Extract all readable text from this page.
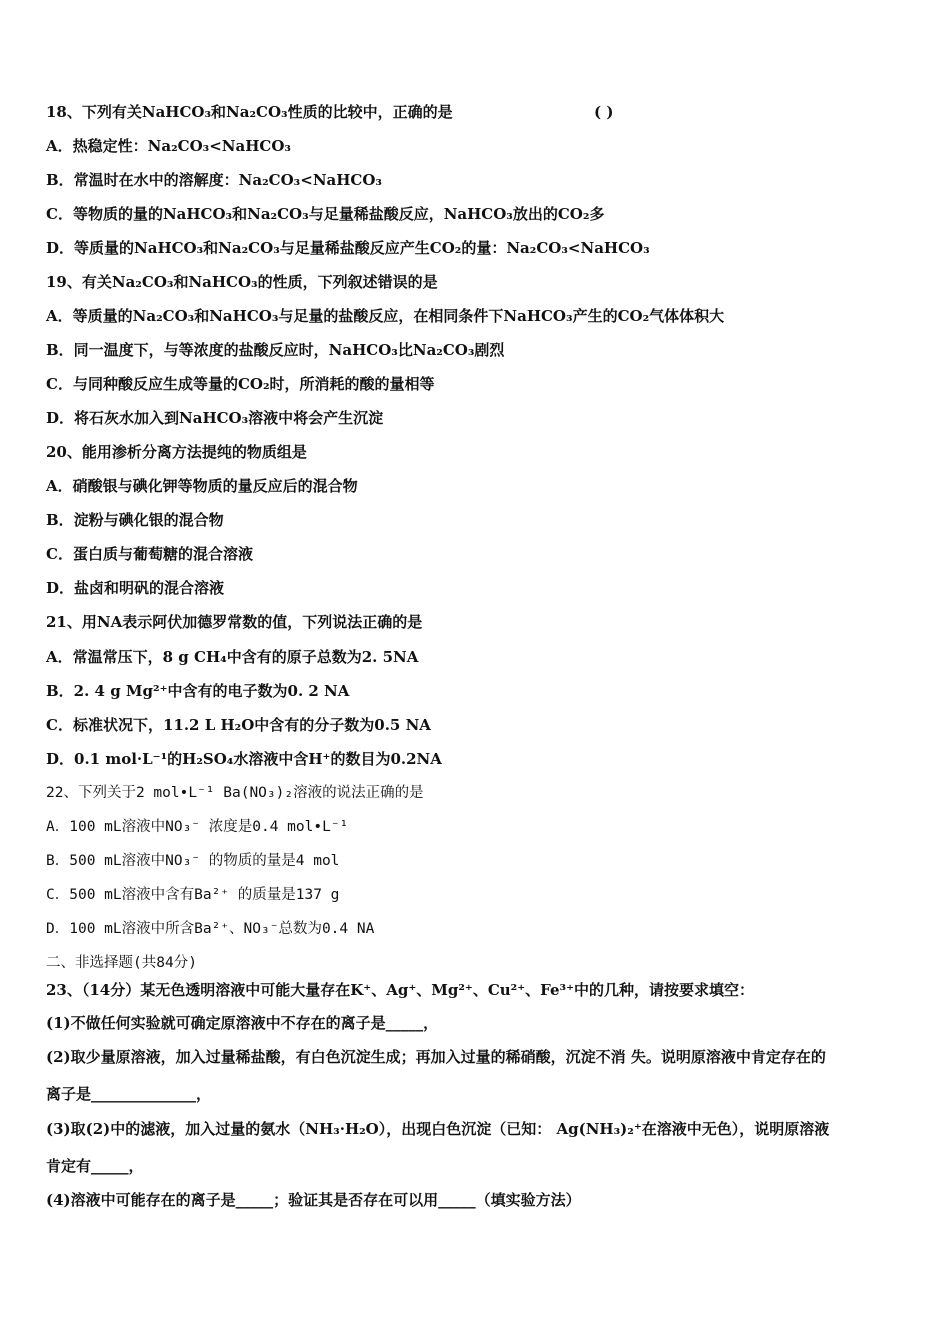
18、下列有关NaHCO₃和Na₂CO₃性质的比较中，正确的是	( )
A．热稳定性：Na₂CO₃<NaHCO₃
B．常温时在水中的溶解度：Na₂CO₃<NaHCO₃
C．等物质的量的NaHCO₃和Na₂CO₃与足量稀盐酸反应，NaHCO₃放出的CO₂多
D．等质量的NaHCO₃和Na₂CO₃与足量稀盐酸反应产生CO₂的量：Na₂CO₃<NaHCO₃
19、有关Na₂CO₃和NaHCO₃的性质，下列叙述错误的是
A．等质量的Na₂CO₃和NaHCO₃与足量的盐酸反应，在相同条件下NaHCO₃产生的CO₂气体体积大
B．同一温度下，与等浓度的盐酸反应时，NaHCO₃比Na₂CO₃剧烈
C．与同种酸反应生成等量的CO₂时，所消耗的酸的量相等
D．将石灰水加入到NaHCO₃溶液中将会产生沉淀
20、能用渗析分离方法提纯的物质组是
A．硝酸银与碘化钾等物质的量反应后的混合物
B．淀粉与碘化银的混合物
C．蛋白质与葡萄糖的混合溶液
D．盐卤和明矾的混合溶液
21、用NA表示阿伏加德罗常数的值，下列说法正确的是
A．常温常压下，8 g CH₄中含有的原子总数为2. 5NA
B．2. 4 g Mg²⁺中含有的电子数为0. 2 NA
C．标准状况下，11.2 L H₂O中含有的分子数为0.5 NA
D．0.1 mol·L⁻¹的H₂SO₄水溶液中含H⁺的数目为0.2NA
22、下列关于2 mol•L⁻¹ Ba(NO₃)₂溶液的说法正确的是
A．100 mL溶液中NO₃⁻ 浓度是0.4 mol•L⁻¹
B．500 mL溶液中NO₃⁻ 的物质的量是4 mol
C．500 mL溶液中含有Ba²⁺ 的质量是137 g
D．100 mL溶液中所含Ba²⁺、NO₃⁻总数为0.4 NA
二、非选择题(共84分)
23、（14分）某无色透明溶液中可能大量存在K⁺、Ag⁺、Mg²⁺、Cu²⁺、Fe³⁺中的几种，请按要求填空：
(1)不做任何实验就可确定原溶液中不存在的离子是_____，
(2)取少量原溶液，加入过量稀盐酸，有白色沉淀生成；再加入过量的稀硝酸，沉淀不消 失。说明原溶液中肯定存在的
离子是______________，
(3)取(2)中的滤液，加入过量的氨水（NH₃·H₂O），出现白色沉淀（已知： Ag(NH₃)₂⁺在溶液中无色），说明原溶液
肯定有_____，
(4)溶液中可能存在的离子是_____；验证其是否存在可以用_____（填实验方法）
